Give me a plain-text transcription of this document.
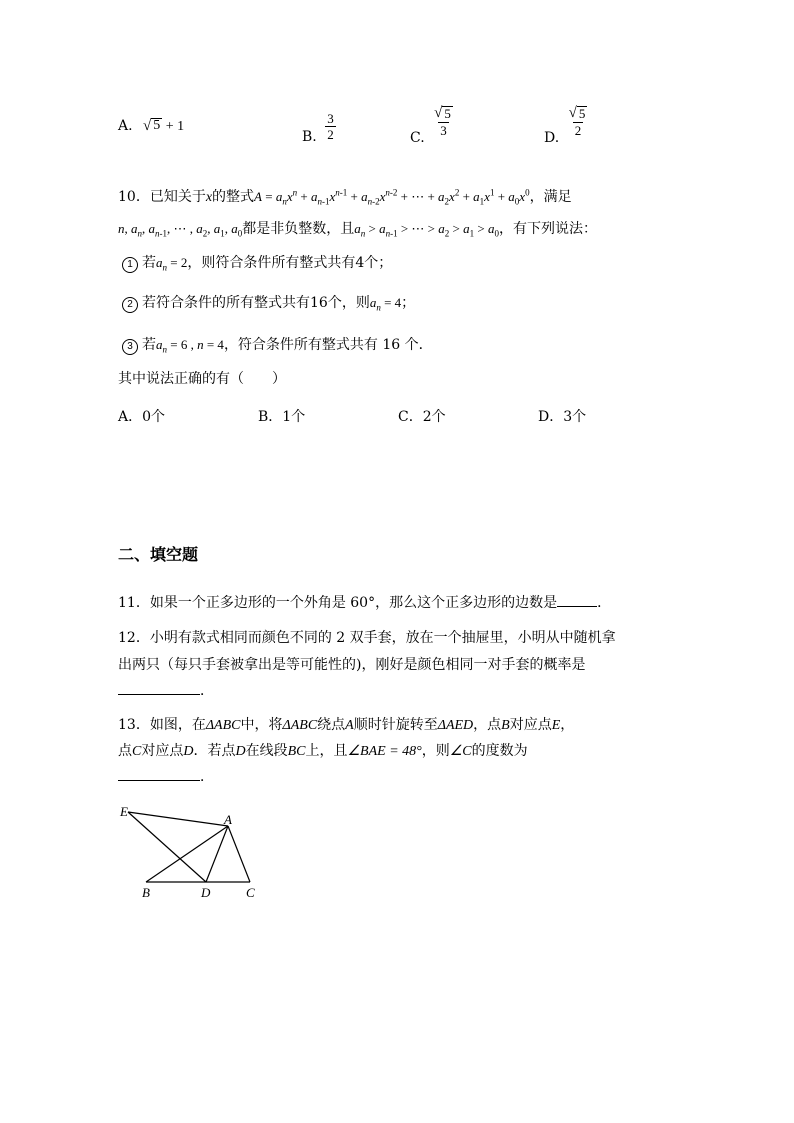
A. √ 5 + 1
B. $\frac{3}{2}$	C.
$\frac{√ 5}{3}$
D.
$\frac{√ 5}{2}$
10．已知关于x的整式$A = a_nx^n + a_{n-1}x^{n-1} + a_{n-2}x^{n-2}$ + ⋯ + $a_2x^2 + a_1x^1 + a_0x^0$，满足
n, $a_n$, $a_{n-1}$, ⋯ , $a_2$, $a_1$, $a_0$都是非负整数，且$a_n > a_{n-1}$ > ⋯ > $a_2 > a_1 > a_0$，有下列说法：
1 若$a_n = 2$，则符合条件所有整式共有4个；
2 若符合条件的所有整式共有16个，则$a_n = 4$；
3 若$a_n = 6$ , n = 4，符合条件所有整式共有 16 个．
其中说法正确的有（　　）
A．0个	B．1个	C．2个	D．3个
二、填空题
11．如果一个正多边形的一个外角是 60°，那么这个正多边形的边数是	．
12．小明有款式相同而颜色不同的 2 双手套，放在一个抽屉里，小明从中随机拿
出两只（每只手套被拿出是等可能性的)，刚好是颜色相同一对手套的概率是
．
13．如图，在ΔABC中，将ΔABC绕点A顺时针旋转至ΔAED，点B对应点E，
点C对应点D．若点D在线段BC上，且∠BAE = 48°，则∠C的度数为
．
E
A
B	D	C
